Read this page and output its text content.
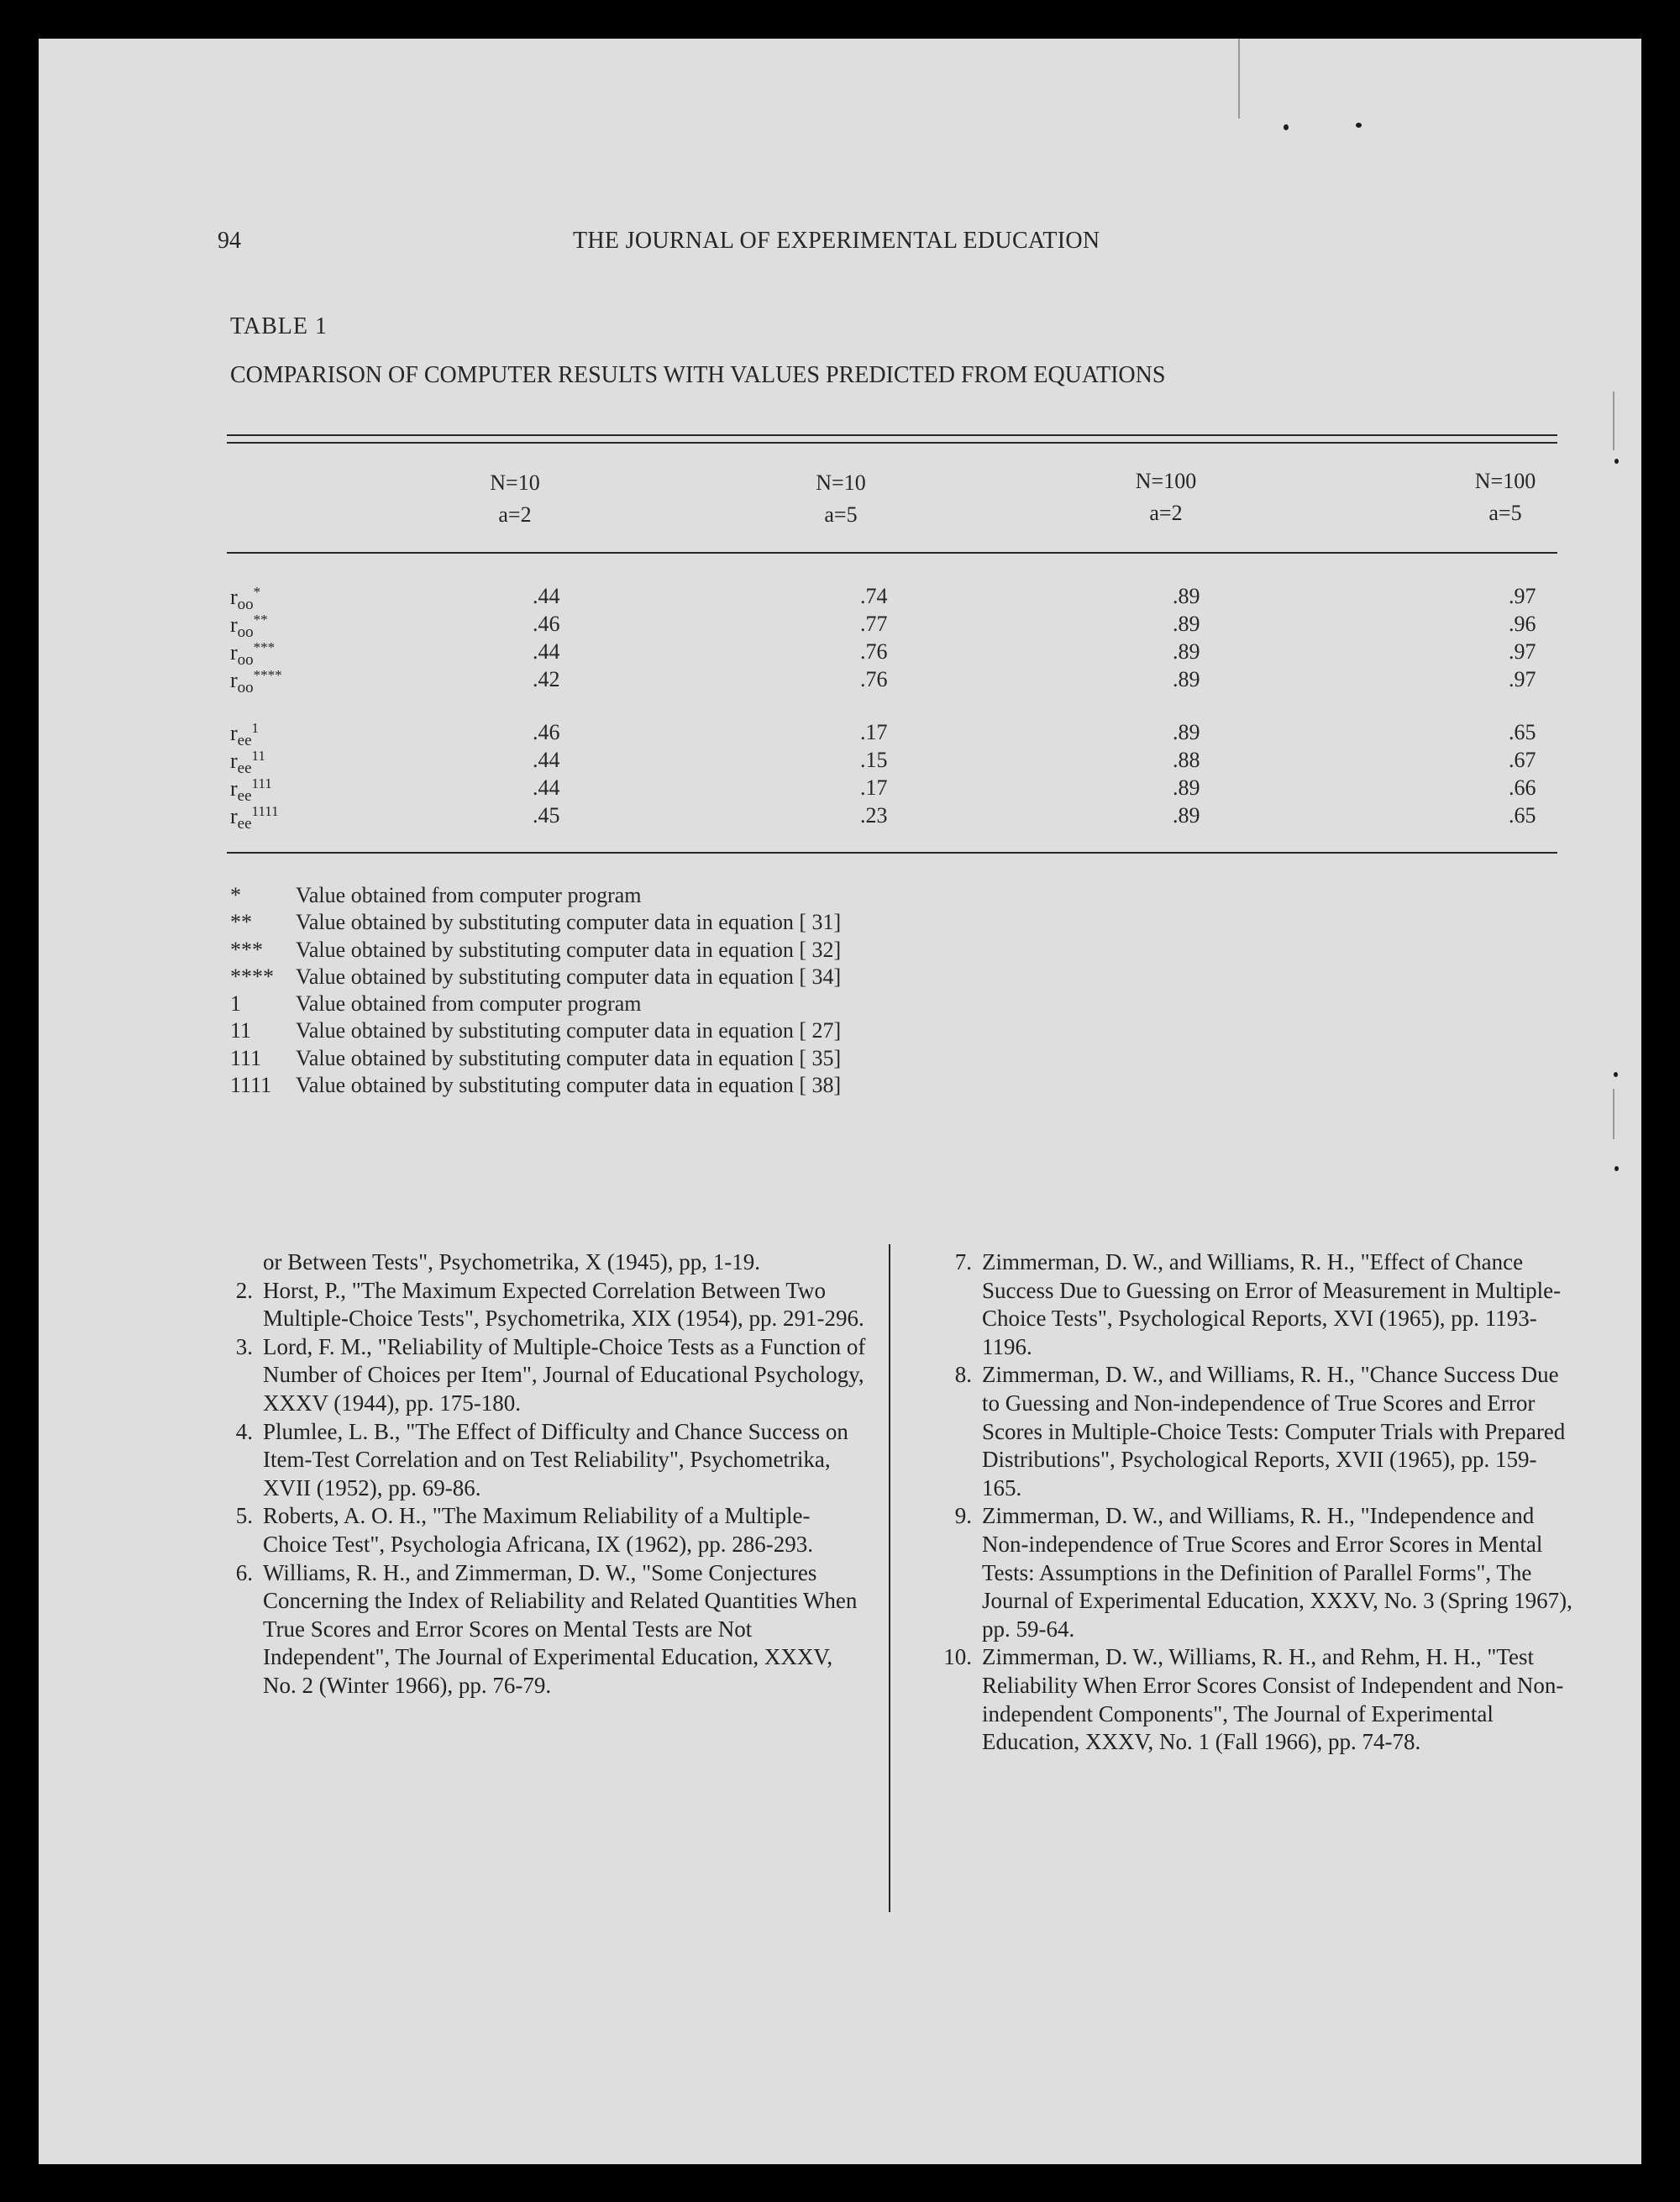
94	THE JOURNAL OF EXPERIMENTAL EDUCATION
TABLE 1
COMPARISON OF COMPUTER RESULTS WITH VALUES PREDICTED FROM EQUATIONS
N=10
a=2
N=10
a=5
N=100
a=2
N=100
a=5
$r_{oo}^*$	.44	.74	.89	.97
$r_{oo}^{**}$	.46	.77	.89	.96
$r_{oo}^{***}$	.44	.76	.89	.97
$r_{oo}^{****}$	.42	.76	.89	.97
$r_{ee}^1$	.46	.17	.89	.65
$r_{ee}^{11}$	.44	.15	.88	.67
$r_{ee}^{111}$	.44	.17	.89	.66
$r_{ee}^{1111}$	.45	.23	.89	.65
*	Value obtained from computer program
** Value obtained by substituting computer data in equation [ 31]
*** Value obtained by substituting computer data in equation [ 32]
**** Value obtained by substituting computer data in equation [ 34]
1	Value obtained from computer program
11 Value obtained by substituting computer data in equation [ 27]
111 Value obtained by substituting computer data in equation [ 35]
1111 Value obtained by substituting computer data in equation [ 38]
or Between Tests", Psychometrika, X (1945), pp, 1-19.
2. Horst, P., "The Maximum Expected Correlation Between Two Multiple-Choice Tests", Psychometrika, XIX (1954), pp. 291-296.
3. Lord, F. M., "Reliability of Multiple-Choice Tests as a Function of Number of Choices per Item", Journal of Educational Psychology, XXXV (1944), pp. 175-180.
4. Plumlee, L. B., "The Effect of Difficulty and Chance Success on Item-Test Correlation and on Test Reliability", Psychometrika, XVII (1952), pp. 69-86.
5. Roberts, A. O. H., "The Maximum Reliability of a Multiple-Choice Test", Psychologia Africana, IX (1962), pp. 286-293.
6. Williams, R. H., and Zimmerman, D. W., "Some Conjectures Concerning the Index of Reliability and Related Quantities When True Scores and Error Scores on Mental Tests are Not Independent", The Journal of Experimental Education, XXXV, No. 2 (Winter 1966), pp. 76-79.
7. Zimmerman, D. W., and Williams, R. H., "Effect of Chance Success Due to Guessing on Error of Measurement in Multiple-Choice Tests", Psychological Reports, XVI (1965), pp. 1193-1196.
8. Zimmerman, D. W., and Williams, R. H., "Chance Success Due to Guessing and Non-independence of True Scores and Error Scores in Multiple-Choice Tests: Computer Trials with Prepared Distributions", Psychological Reports, XVII (1965), pp. 159-165.
9. Zimmerman, D. W., and Williams, R. H., "Independence and Non-independence of True Scores and Error Scores in Mental Tests: Assumptions in the Definition of Parallel Forms", The Journal of Experimental Education, XXXV, No. 3 (Spring 1967), pp. 59-64.
10. Zimmerman, D. W., Williams, R. H., and Rehm, H. H., "Test Reliability When Error Scores Consist of Independent and Non-independent Components", The Journal of Experimental Education, XXXV, No. 1 (Fall 1966), pp. 74-78.
